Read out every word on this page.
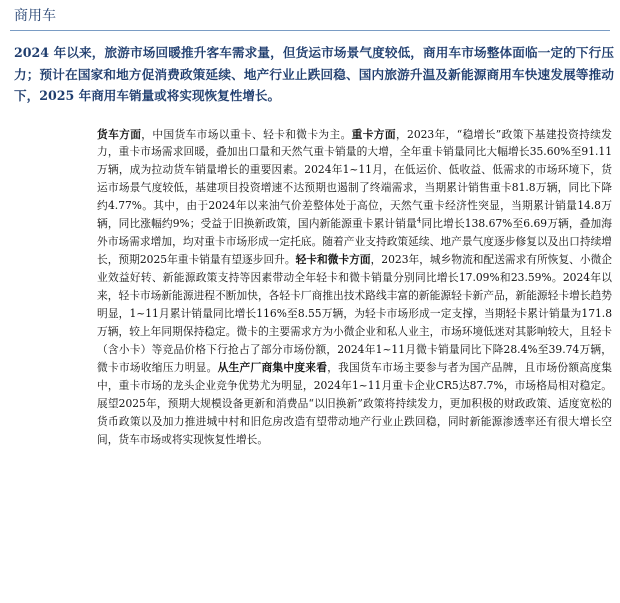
商用车
2024 年以来，旅游市场回暖推升客车需求量，但货运市场景气度较低，商用车市场整体面临一定的下行压力；预计在国家和地方促消费政策延续、地产行业止跌回稳、国内旅游升温及新能源商用车快速发展等推动下，2025 年商用车销量或将实现恢复性增长。
货车方面，中国货车市场以重卡、轻卡和微卡为主。重卡方面，2023年，“稳增长”政策下基建投资持续发力，重卡市场需求回暖，叠加出口量和天然气重卡销量的大增，全年重卡销量同比大幅增长35.60%至91.11万辆，成为拉动货车销量增长的重要因素。2024年1~11月，在低运价、低收益、低需求的市场环境下，货运市场景气度较低，基建项目投资增速不达预期也遏制了终端需求，当期累计销售重卡81.8万辆，同比下降约4.77%。其中，由于2024年以来油气价差整体处于高位，天然气重卡经济性突显，当期累计销量14.8万辆，同比涨幅约9%；受益于旧换新政策，国内新能源重卡累计销量$^4$同比增长138.67%至6.69万辆，叠加海外市场需求增加，均对重卡市场形成一定托底。随着产业支持政策延续、地产景气度逐步修复以及出口持续增长，预期2025年重卡销量有望逐步回升。轻卡和微卡方面，2023年，城乡物流和配送需求有所恢复、小微企业效益好转、新能源政策支持等因素带动全年轻卡和微卡销量分别同比增长17.09%和23.59%。2024年以来，轻卡市场新能源进程不断加快，各轻卡厂商推出技术路线丰富的新能源轻卡新产品，新能源轻卡增长趋势明显，1~11月累计销量同比增长116%至8.55万辆，为轻卡市场形成一定支撑，当期轻卡累计销量为171.8万辆，较上年同期保持稳定。微卡的主要需求方为小微企业和私人业主，市场环境低迷对其影响较大，且轻卡（含小卡）等竞品价格下行抢占了部分市场份额，2024年1~11月微卡销量同比下降28.4%至39.74万辆，微卡市场收缩压力明显。从生产厂商集中度来看，我国货车市场主要参与者为国产品牌，且市场份额高度集中，重卡市场的龙头企业竞争优势尤为明显，2024年1~11月重卡企业CR5达87.7%，市场格局相对稳定。展望2025年，预期大规模设备更新和消费品“以旧换新”政策将持续发力，更加积极的财政政策、适度宽松的货币政策以及加力推进城中村和旧危房改造有望带动地产行业止跌回稳，同时新能源渗透率还有很大增长空间，货车市场或将实现恢复性增长。
